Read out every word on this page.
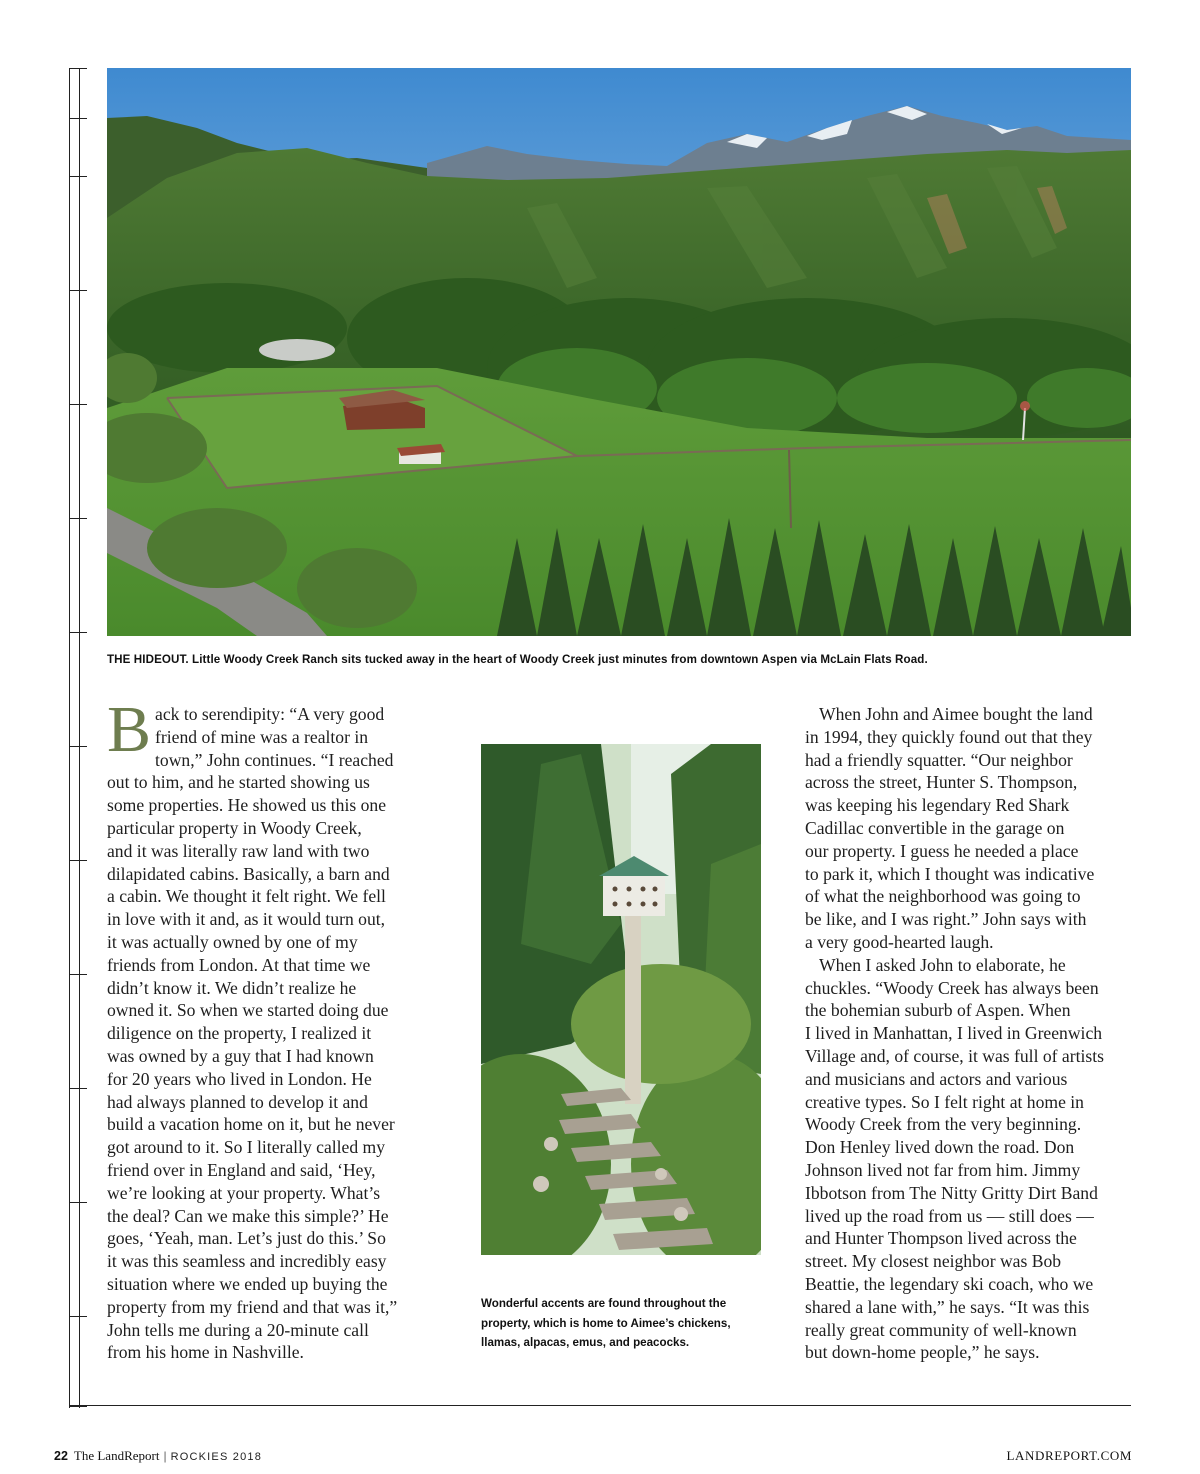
THE HIDEOUT. Little Woody Creek Ranch sits tucked away in the heart of Woody Creek just minutes from downtown Aspen via McLain Flats Road.

B ack to serendipity: “A very good
friend of mine was a realtor in
town,” John continues. “I reached
out to him, and he started showing us
some properties. He showed us this one
particular property in Woody Creek,
and it was literally raw land with two
dilapidated cabins. Basically, a barn and
a cabin. We thought it felt right. We fell
in love with it and, as it would turn out,
it was actually owned by one of my
friends from London. At that time we
didn’t know it. We didn’t realize he
owned it. So when we started doing due
diligence on the property, I realized it
was owned by a guy that I had known
for 20 years who lived in London. He
had always planned to develop it and
build a vacation home on it, but he never
got around to it. So I literally called my
friend over in England and said, ‘Hey,
we’re looking at your property. What’s
the deal? Can we make this simple?’ He
goes, ‘Yeah, man. Let’s just do this.’ So
it was this seamless and incredibly easy
situation where we ended up buying the
property from my friend and that was it,”
John tells me during a 20-minute call
from his home in Nashville.

Wonderful accents are found throughout the
property, which is home to Aimee’s chickens,
llamas, alpacas, emus, and peacocks.

When John and Aimee bought the land

in 1994, they quickly found out that they
had a friendly squatter. “Our neighbor
across the street, Hunter S. Thompson,
was keeping his legendary Red Shark
Cadillac convertible in the garage on
our property. I guess he needed a place
to park it, which I thought was indicative
of what the neighborhood was going to
be like, and I was right.” John says with
a very good-hearted laugh.

When I asked John to elaborate, he

chuckles. “Woody Creek has always been
the bohemian suburb of Aspen. When
I lived in Manhattan, I lived in Greenwich
Village and, of course, it was full of artists
and musicians and actors and various
creative types. So I felt right at home in
Woody Creek from the very beginning.
Don Henley lived down the road. Don
Johnson lived not far from him. Jimmy
Ibbotson from The Nitty Gritty Dirt Band
lived up the road from us — still does —
and Hunter Thompson lived across the
street. My closest neighbor was Bob
Beattie, the legendary ski coach, who we
shared a lane with,” he says. “It was this
really great community of well-known
but down-home people,” he says.

22 The LandReport | ROCKIES 2018	LANDREPORT.COM
